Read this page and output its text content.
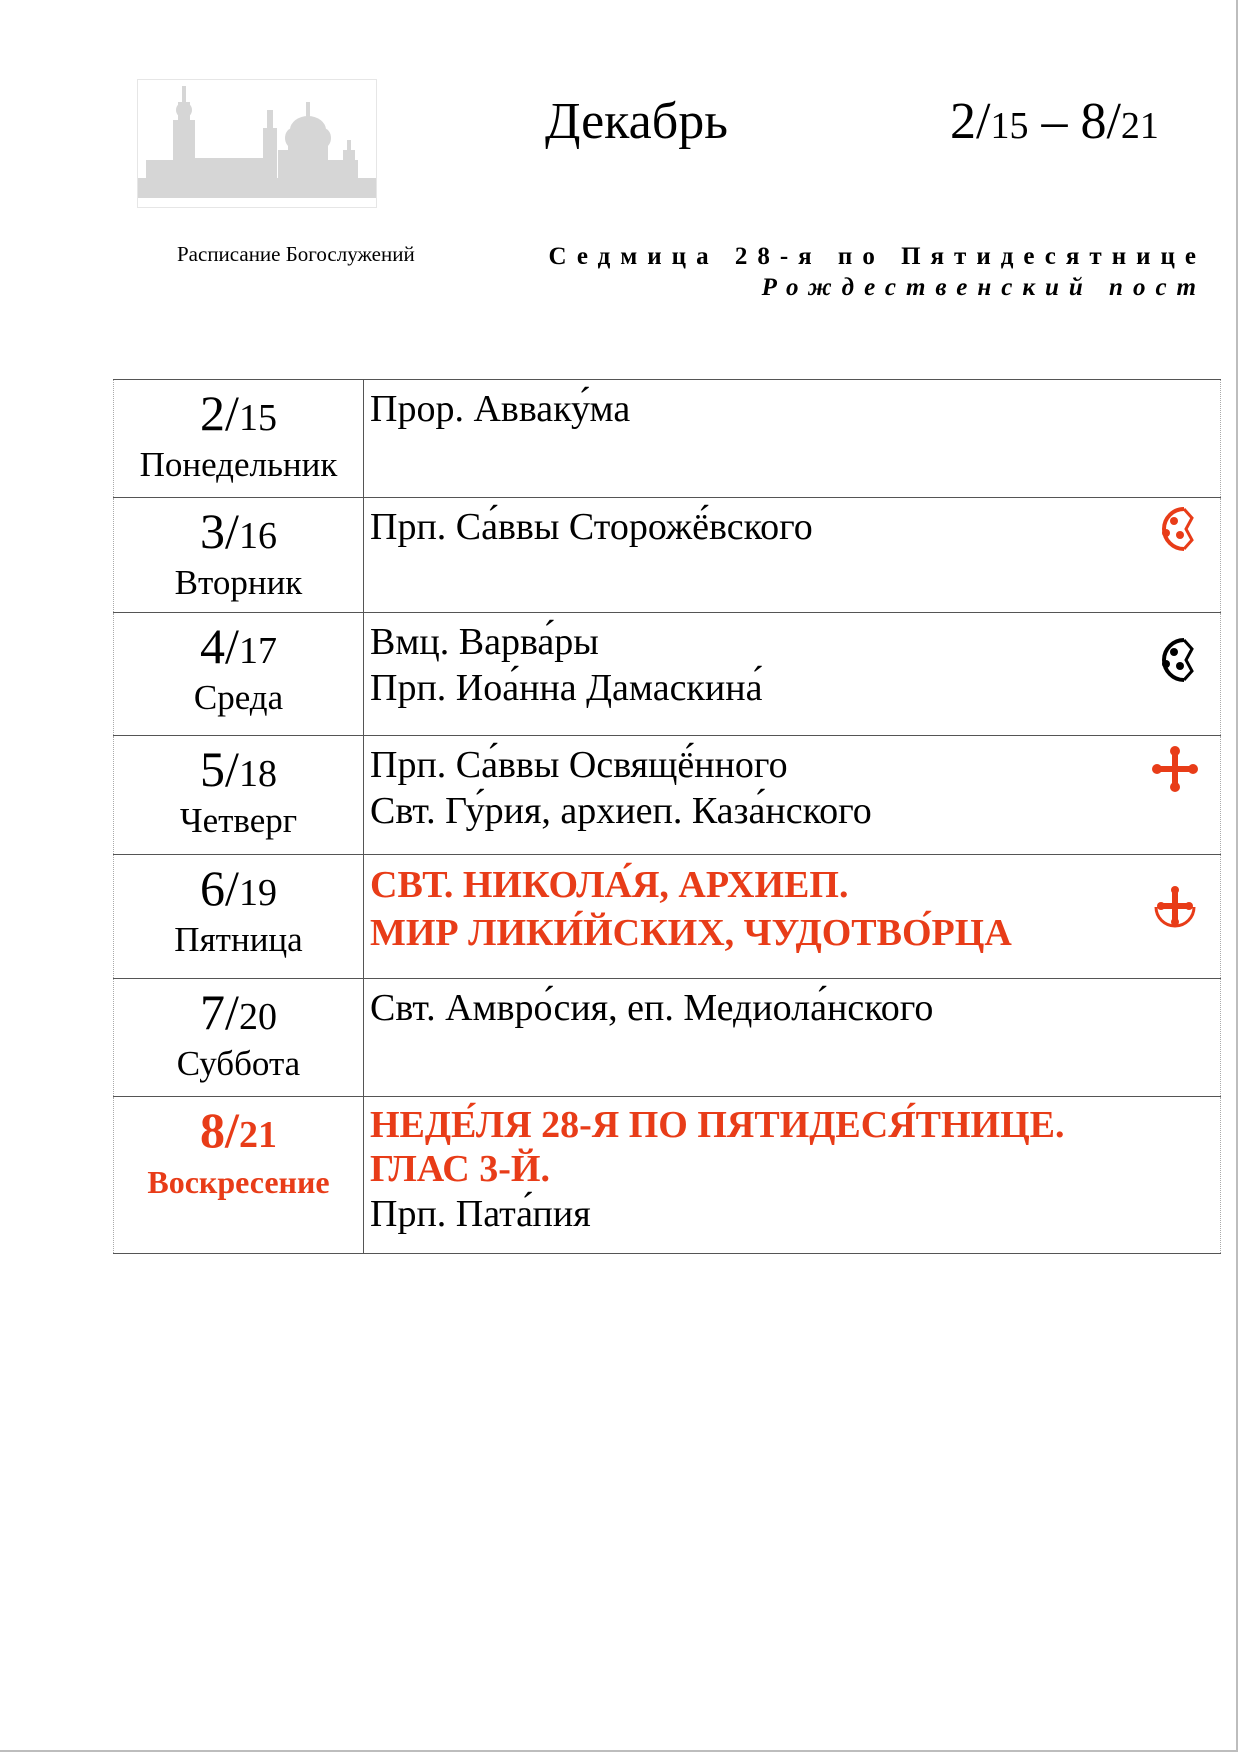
Декабрь	2/15 – 8/21
Расписание Богослужений	Седмица 28-я по Пятидесятнице
Рождественский пост
2/15
Понедельник
Прор. Авваку́ма
3/16
Вторник
Прп. Са́ввы Сторожё́вского
4/17
Среда
Вмц. Варва́ры
Прп. Иоа́нна Дамаскина́
5/18
Четверг
Прп. Са́ввы Освящё́нного
Свт. Гу́рия, архиеп. Каза́нского
6/19
Пятница
СВТ. НИКОЛА́Я, АРХИЕП.
МИР ЛИКИ́ЙСКИХ, ЧУДОТВО́РЦА
7/20
Суббота
Свт. Амвро́сия, еп. Медиола́нского
8/21
Воскресение
НЕДЕ́ЛЯ 28-Я ПО ПЯТИДЕСЯ́ТНИЦЕ.
ГЛАС 3-Й.
Прп. Пата́пия
